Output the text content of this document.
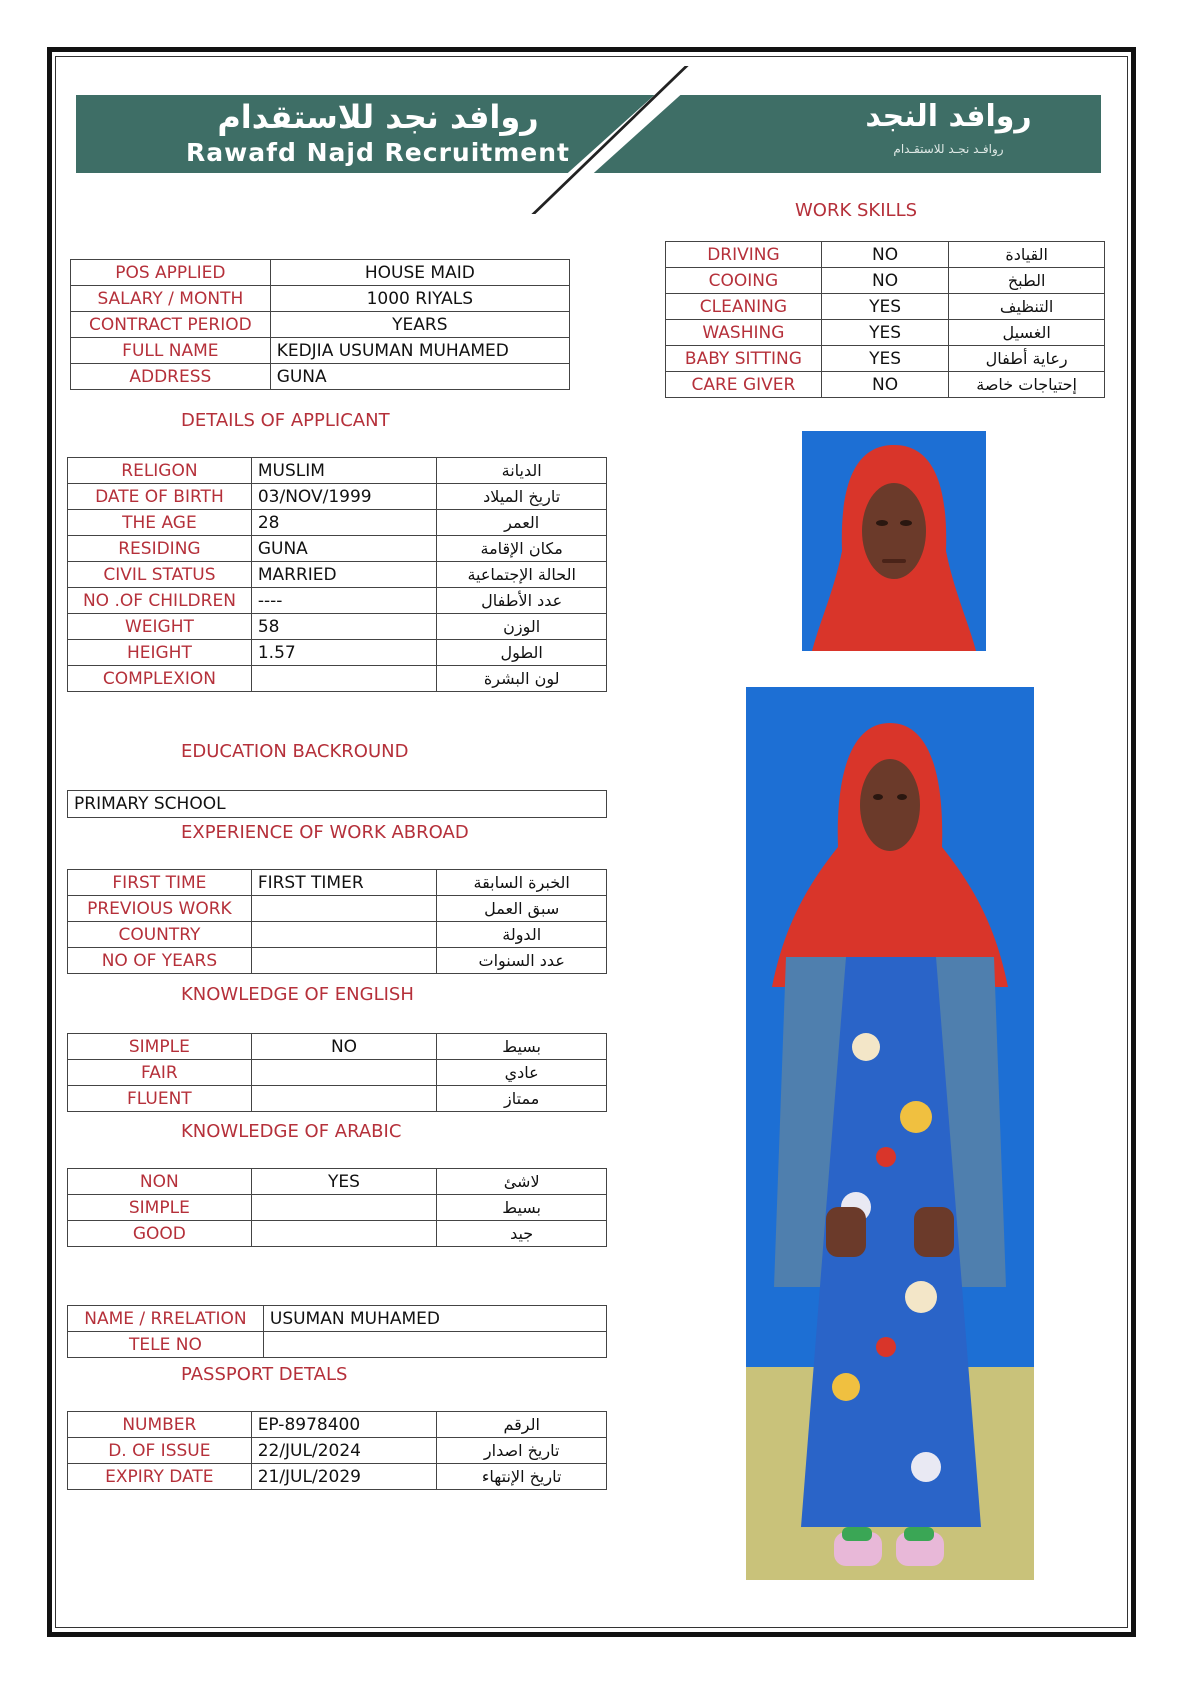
روافد نجد للاستقدام
Rawafd Najd Recruitment
روافد النجد
روافـد نجـد للاستقـدام
WORK SKILLS
DRIVING	NO	القيادة
COOING	NO	الطبخ
CLEANING	YES	التنظيف
WASHING	YES	الغسيل
BABY SITTING	YES	رعاية أطفال
CARE GIVER	NO	إحتياجات خاصة
POS APPLIED	HOUSE MAID
SALARY / MONTH	1000 RIYALS
CONTRACT PERIOD	YEARS
FULL NAME	KEDJIA USUMAN MUHAMED
ADDRESS	GUNA
DETAILS OF APPLICANT
RELIGON	MUSLIM	الديانة
DATE OF BIRTH	03/NOV/1999	تاريخ الميلاد
THE AGE	28	العمر
RESIDING	GUNA	مكان الإقامة
CIVIL STATUS	MARRIED	الحالة الإجتماعية
NO .OF CHILDREN	----	عدد الأطفال
WEIGHT	58	الوزن
HEIGHT	1.57	الطول
COMPLEXION		لون البشرة
EDUCATION BACKROUND
PRIMARY SCHOOL
EXPERIENCE OF WORK ABROAD
FIRST TIME	FIRST TIMER	الخبرة السابقة
PREVIOUS WORK		سبق العمل
COUNTRY		الدولة
NO OF YEARS		عدد السنوات
KNOWLEDGE OF ENGLISH
SIMPLE	NO	بسيط
FAIR		عادي
FLUENT		ممتاز
KNOWLEDGE OF ARABIC
NON	YES	لاشئ
SIMPLE		بسيط
GOOD		جيد
NAME / RRELATION	USUMAN MUHAMED
TELE NO	
PASSPORT DETALS
NUMBER	EP-8978400	الرقم
D. OF ISSUE	22/JUL/2024	تاريخ اصدار
EXPIRY DATE	21/JUL/2029	تاريخ الإنتهاء
